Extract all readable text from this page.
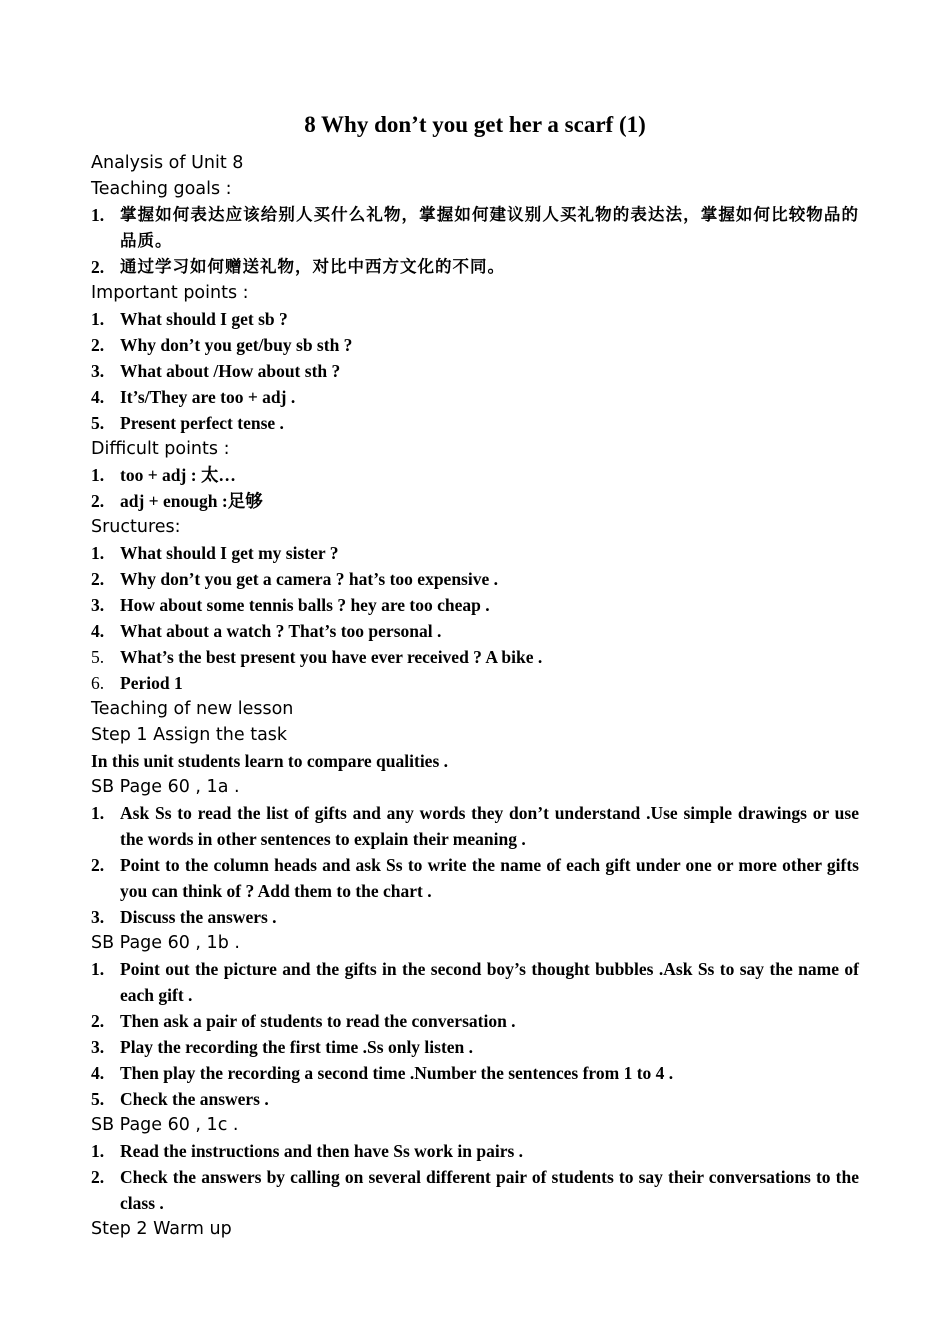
8 Why don’t you get her a scarf (1)
Analysis of Unit 8
Teaching goals :
1. 掌握如何表达应该给别人买什么礼物，掌握如何建议别人买礼物的表达法，掌握如何比较物品的品质。
2. 通过学习如何赠送礼物，对比中西方文化的不同。
Important points :
1. What should I get sb ?
2. Why don’t you get/buy sb sth ?
3. What about /How about sth ?
4. It’s/They are too + adj .
5. Present perfect tense .
Difficult points :
1. too + adj : 太…
2. adj + enough :足够
Sructures:
1. What should I get my sister ?
2. Why don’t you get a camera ? hat’s too expensive .
3. How about some tennis balls ? hey are too cheap .
4. What about a watch ? That’s too personal .
5. What’s the best present you have ever received ? A bike .
6. Period 1
Teaching of new lesson
Step 1 Assign the task
In this unit students learn to compare qualities .
SB Page 60 , 1a .
1. Ask Ss to read the list of gifts and any words they don’t understand .Use simple drawings or use the words in other sentences to explain their meaning .
2. Point to the column heads and ask Ss to write the name of each gift under one or more other gifts you can think of ? Add them to the chart .
3. Discuss the answers .
SB Page 60 , 1b .
1. Point out the picture and the gifts in the second boy’s thought bubbles .Ask Ss to say the name of each gift .
2. Then ask a pair of students to read the conversation .
3. Play the recording the first time .Ss only listen .
4. Then play the recording a second time .Number the sentences from 1 to 4 .
5. Check the answers .
SB Page 60 , 1c .
1. Read the instructions and then have Ss work in pairs .
2. Check the answers by calling on several different pair of students to say their conversations to the class .
Step 2 Warm up
